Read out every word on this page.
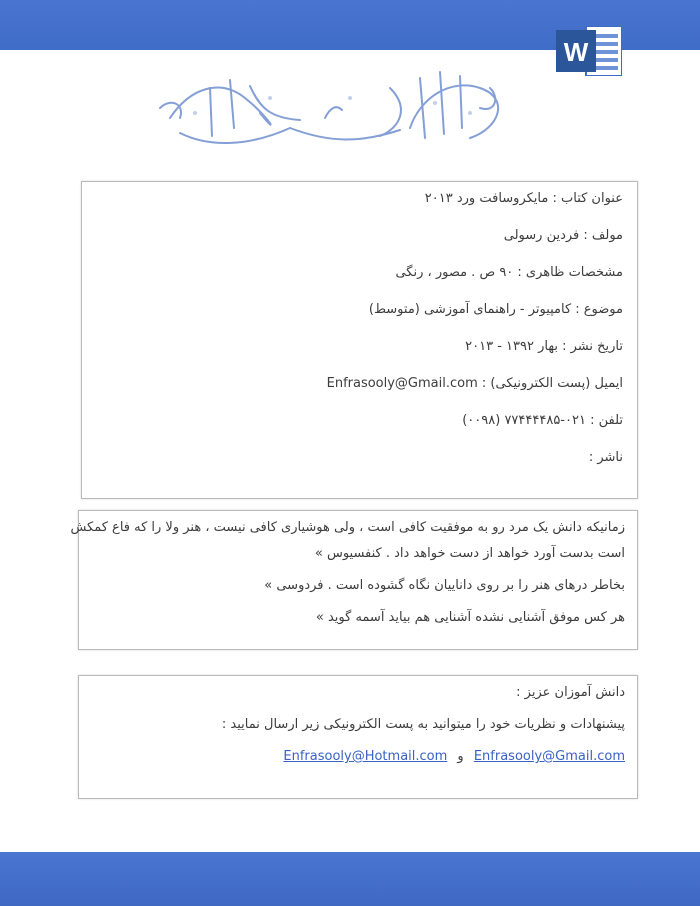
W
عنوان کتاب : مایکروسافت ورد ۲۰۱۳
مولف : فردین رسولی
مشخصات ظاهری : ۹۰ ص . مصور ، رنگی
موضوع : کامپیوتر - راهنمای آموزشی (متوسط)
تاریخ نشر : بهار ۱۳۹۲ - ۲۰۱۳
ایمیل (پست الکترونیکی) : Enfrasooly@Gmail.com
تلفن : ۰۲۱-۷۷۴۴۴۴۸۵ (۰۰۹۸)
ناشر :
زمانیکه دانش یک مرد رو به موفقیت کافی است ، ولی هوشیاری کافی نیست ، هنر ولا را که فاع کمکش
است بدست آورد خواهد از دست خواهد داد . کنفسیوس »
بخاطر درهای هنر را بر روی داناییان نگاه گشوده است . فردوسی »
هر کس موفق آشنایی نشده آشنایی هم بیاید آسمه گوید »
دانش آموزان عزیز :
پیشنهادات و نظریات خود را میتوانید به پست الکترونیکی زیر ارسال نمایید :
Enfrasooly@Gmail.com و Enfrasooly@Hotmail.com
